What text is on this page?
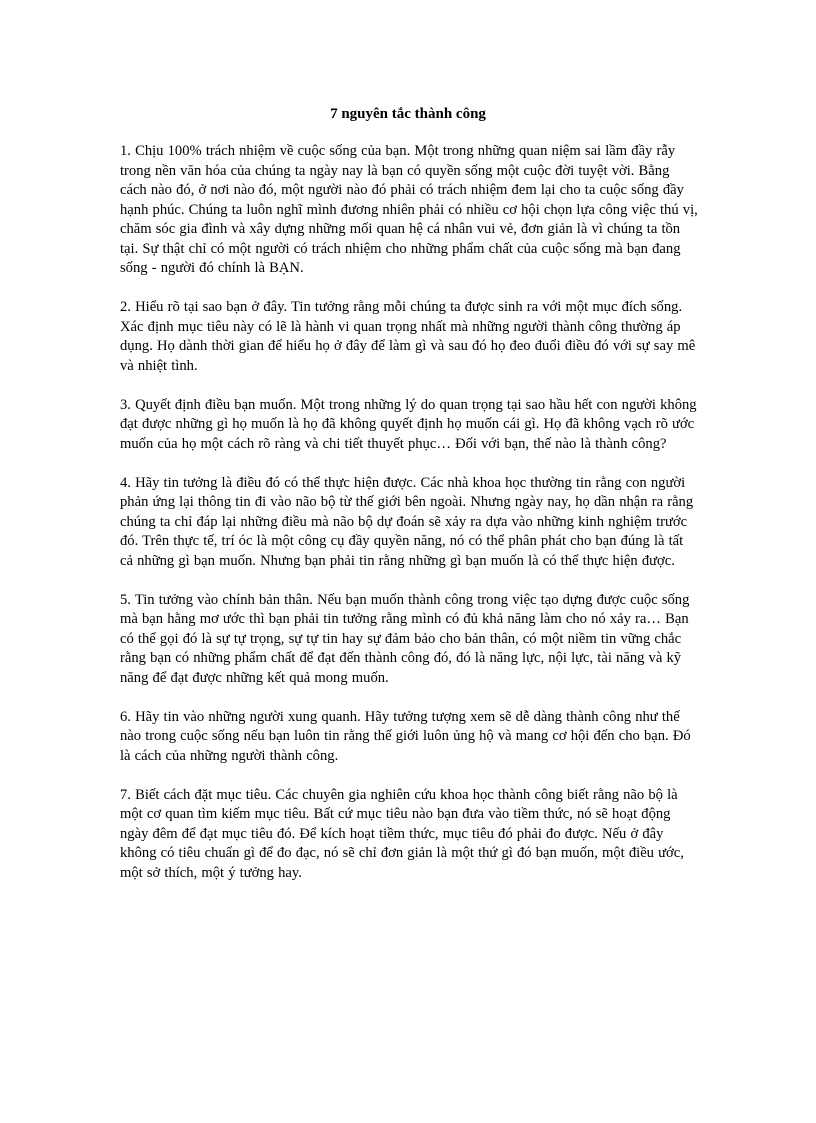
7 nguyên tắc thành công

1. Chịu 100% trách nhiệm về cuộc sống của bạn. Một trong những quan niệm sai lầm đầy rẫy trong nền văn hóa của chúng ta ngày nay là bạn có quyền sống một cuộc đời tuyệt vời. Bằng cách nào đó, ở nơi nào đó, một người nào đó phải có trách nhiệm đem lại cho ta cuộc sống đầy hạnh phúc. Chúng ta luôn nghĩ mình đương nhiên phải có nhiều cơ hội chọn lựa công việc thú vị, chăm sóc gia đình và xây dựng những mối quan hệ cá nhân vui vẻ, đơn giản là vì chúng ta tồn tại. Sự thật chỉ có một người có trách nhiệm cho những phẩm chất của cuộc sống mà bạn đang sống - người đó chính là BẠN.

2. Hiểu rõ tại sao bạn ở đây. Tin tưởng rằng mỗi chúng ta được sinh ra với một mục đích sống. Xác định mục tiêu này có lẽ là hành vi quan trọng nhất mà những người thành công thường áp dụng. Họ dành thời gian để hiểu họ ở đây để làm gì và sau đó họ đeo đuổi điều đó với sự say mê và nhiệt tình.

3. Quyết định điều bạn muốn. Một trong những lý do quan trọng tại sao hầu hết con người không đạt được những gì họ muốn là họ đã không quyết định họ muốn cái gì. Họ đã không vạch rõ ước muốn của họ một cách rõ ràng và chi tiết thuyết phục… Đối với bạn, thế nào là thành công?

4. Hãy tin tưởng là điều đó có thể thực hiện được. Các nhà khoa học thường tin rằng con người phản ứng lại thông tin đi vào não bộ từ thế giới bên ngoài. Nhưng ngày nay, họ dần nhận ra rằng chúng ta chỉ đáp lại những điều mà não bộ dự đoán sẽ xảy ra dựa vào những kinh nghiệm trước đó. Trên thực tế, trí óc là một công cụ đầy quyền năng, nó có thể phân phát cho bạn đúng là tất cả những gì bạn muốn. Nhưng bạn phải tin rằng những gì bạn muốn là có thể thực hiện được.

5. Tin tưởng vào chính bản thân. Nếu bạn muốn thành công trong việc tạo dựng được cuộc sống mà bạn hằng mơ ước thì bạn phải tin tưởng rằng mình có đủ khả năng làm cho nó xảy ra… Bạn có thể gọi đó là sự tự trọng, sự tự tin hay sự đảm bảo cho bản thân, có một niềm tin vững chắc rằng bạn có những phẩm chất để đạt đến thành công đó, đó là năng lực, nội lực, tài năng và kỹ năng để đạt được những kết quả mong muốn.

6. Hãy tin vào những người xung quanh. Hãy tưởng tượng xem sẽ dễ dàng thành công như thế nào trong cuộc sống nếu bạn luôn tin rằng thế giới luôn ủng hộ và mang cơ hội đến cho bạn. Đó là cách của những người thành công.

7. Biết cách đặt mục tiêu. Các chuyên gia nghiên cứu khoa học thành công biết rằng não bộ là một cơ quan tìm kiếm mục tiêu. Bất cứ mục tiêu nào bạn đưa vào tiềm thức, nó sẽ hoạt động ngày đêm để đạt mục tiêu đó. Để kích hoạt tiềm thức, mục tiêu đó phải đo được. Nếu ở đây không có tiêu chuẩn gì để đo đạc, nó sẽ chỉ đơn giản là một thứ gì đó bạn muốn, một điều ước, một sở thích, một ý tưởng hay.
